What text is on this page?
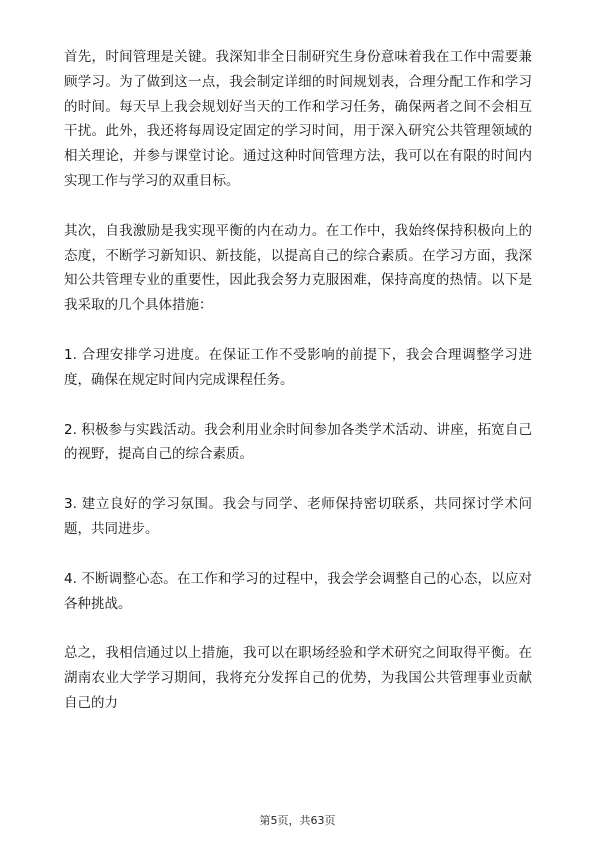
首先，时间管理是关键。我深知非全日制研究生身份意味着我在工作中需要兼顾学习。为了做到这一点，我会制定详细的时间规划表，合理分配工作和学习的时间。每天早上我会规划好当天的工作和学习任务，确保两者之间不会相互干扰。此外，我还将每周设定固定的学习时间，用于深入研究公共管理领域的相关理论，并参与课堂讨论。通过这种时间管理方法，我可以在有限的时间内实现工作与学习的双重目标。

其次，自我激励是我实现平衡的内在动力。在工作中，我始终保持积极向上的态度，不断学习新知识、新技能，以提高自己的综合素质。在学习方面，我深知公共管理专业的重要性，因此我会努力克服困难，保持高度的热情。以下是我采取的几个具体措施：

1. 合理安排学习进度。在保证工作不受影响的前提下，我会合理调整学习进度，确保在规定时间内完成课程任务。

2. 积极参与实践活动。我会利用业余时间参加各类学术活动、讲座，拓宽自己的视野，提高自己的综合素质。

3. 建立良好的学习氛围。我会与同学、老师保持密切联系，共同探讨学术问题，共同进步。

4. 不断调整心态。在工作和学习的过程中，我会学会调整自己的心态，以应对各种挑战。

总之，我相信通过以上措施，我可以在职场经验和学术研究之间取得平衡。在湖南农业大学学习期间，我将充分发挥自己的优势，为我国公共管理事业贡献自己的力

第5页，共63页
